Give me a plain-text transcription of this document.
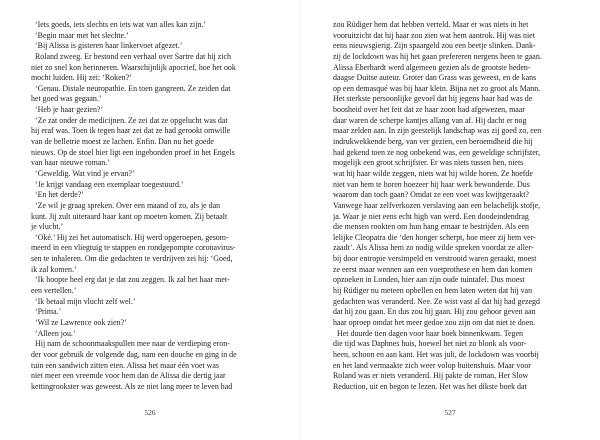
‘Iets goeds, iets slechts en iets wat van alles kan zijn.’
‘Begin maar met het slechte.’
‘Bij Alissa is gisteren haar linkervoet afgezet.’
Roland zweeg. Er bestond een verhaal over Sartre dat hij zich
niet zo snel kon herinneren. Waarschijnlijk apocrief, hoe het ook
mocht luiden. Hij zei: ‘Roken?’
‘Genau. Distale neuropathie. En toen gangreen. Ze zeiden dat
het goed was gegaan.’
‘Heb je haar gezien?’
‘Ze zat onder de medicijnen. Ze zei dat ze opgelucht was dat
hij eraf was. Toen ik tegen haar zei dat ze had gerookt omwille
van de belletrie moest ze lachen. Enfin. Dan nu het goede
nieuws. Op de stoel hier ligt een ingebonden proef in het Engels
van haar nieuwe roman.’
‘Geweldig. Wat vind je ervan?’
‘Je krijgt vandaag een exemplaar toegestuurd.’
‘En het derde?’
‘Ze wil je graag spreken. Over een maand of zo, als je dan
kunt. Jij zult uiteraard haar kant op moeten komen. Zij betaalt
je vlucht.’
‘Oké.’ Hij zei het automatisch. Hij werd opgeroepen, gesom-
meerd in een vliegtuig te stappen en rondgepompte coronavirus-
sen te inhaleren. Om die gedachten te verdrijven zei hij: ‘Goed,
ik zal komen.’
‘Ik hoopte heel erg dat je dat zou zeggen. Ik zal het haar met-
een vertellen.’
‘Ik betaal mijn vlucht zelf wel.’
‘Prima.’
‘Wil ze Lawrence ook zien?’
‘Alleen jou.’
Hij nam de schoonmaakspullen mee naar de verdieping eron-
der voor gebruik de volgende dag, nam een douche en ging in de
tuin een sandwich zitten eten. Alissa het maar één voet was
niet meer een vreemde voor hem dan de Alissa die dertig jaar
kettingrookster was geweest. Als ze niet lang meer te leven had
526
zou Rüdiger hem dat hebben verteld. Maar er was niets in het
vooruitzicht dat hij haar zou zien wat hem aantrok. Hij was niet
eens nieuwsgierig. Zijn spaargeld zou een beetje slinken. Dank-
zij de lockdown was hij het gaan prefereren nergens heen te gaan.
Alissa Eberhardt werd algemeen gezien als de grootste heden-
daagse Duitse auteur. Groter dan Grass was geweest, en de kans
op een demasqué was bij haar klein. Bijna net zo groot als Mann.
Het sterkste persoonlijke gevoel dat hij jegens haar had was de
boosheid over het feit dat ze haar zoon had afgewezen, maar
daar waren de scherpe kantjes allang van af. Hij dacht er nog
maar zelden aan. In zijn geestelijk landschap was zij goed zo, een
indrukwekkende berg, van ver gezien, een beroemdheid die hij
had gekend toen ze nog onbekend was, een geweldige schrijfster,
mogelijk een groot schrijfster. Er was niets tussen hen, niets
wat hij haar wilde zeggen, niets wat hij wilde horen. Ze hoefde
niet van hem te horen hoezeer hij haar werk bewonderde. Dus
waarom dan toch gaan? Omdat ze een voet was kwijtgeraakt?
Vanwege haar zelfverkozen verslaving aan een belachelijk stofje,
ja. Waar je niet eens echt high van werd. Een doodeindendrag
die mensen rookten om hun hang ernaar te bestrijden. Als een
lelijke Cleopatra die ‘den honger scherpt, hoe meer zij hem ver-
zaadt’. Als Alissa hem zo nodig wilde spreken voordat ze aller-
bij door entropie versimpeld en verstrooid waren geraakt, moest
ze eerst maar wennen aan een voetprothese en hem dan komen
opzoeken in Londen, hier aan zijn oude tuintafel. Dus moest
hij Rüdiger nu meteen opbellen en hem laten weten dat hij van
gedachten was veranderd. Nee. Ze wist vast al dat hij had gezegd
dat hij zou gaan. En dus zou hij gaan. Hij zou gehoor geven aan
haar oproep omdat het meer gedoe zou zijn om dat niet te doen.
Het duurde tien dagen voor haar boek binnenkwam. Tegen
die tijd was Daphnes huis, hoewel het niet zo blonk als voor-
heen, schoon en aan kant. Het was juli, de lockdown was voorbij
en het land vermaakte zich weer volop buitenshuis. Maar voor
Roland was er niets veranderd. Hij pakte de roman, Her Slow
Reduction, uit en begon te lezen. Het was het dikste boek dat
527
